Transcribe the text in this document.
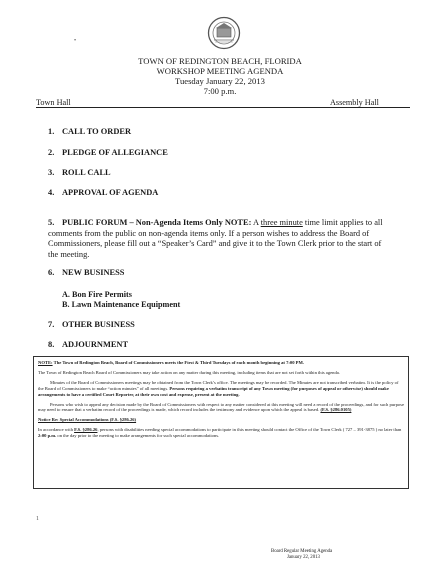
•
TOWN OF REDINGTON BEACH, FLORIDA
WORKSHOP MEETING AGENDA
Tuesday January 22, 2013
7:00 p.m.
Town Hall	Assembly Hall
1. CALL TO ORDER
2. PLEDGE OF ALLEGIANCE
3. ROLL CALL
4. APPROVAL OF AGENDA
5. PUBLIC FORUM – Non-Agenda Items Only NOTE: A three minute time limit applies to all comments from the public on non-agenda items only. If a person wishes to address the Board of Commissioners, please fill out a “Speaker’s Card” and give it to the Town Clerk prior to the start of the meeting.
6. NEW BUSINESS
A. Bon Fire Permits
B. Lawn Maintenance Equipment
7. OTHER BUSINESS
8. ADJOURNMENT

NOTE: The Town of Redington Beach, Board of Commissioners meets the First & Third Tuesdays of each month beginning at 7:00 PM.

The Town of Redington Beach Board of Commissioners may take action on any matter during this meeting, including items that are not set forth within this agenda.

Minutes of the Board of Commissioners meetings may be obtained from the Town Clerk’s office. The meetings may be recorded. The Minutes are not transcribed verbatim. It is the policy of the Board of Commissioners to make “action minutes” of all meetings. Persons requiring a verbatim transcript of any Town meeting (for purposes of appeal or otherwise) should make arrangements to have a certified Court Reporter, at their own cost and expense, present at the meeting.

Persons who wish to appeal any decision made by the Board of Commissioners with respect to any matter considered at this meeting will need a record of the proceedings, and for such purpose may need to ensure that a verbatim record of the proceedings is made, which record includes the testimony and evidence upon which the appeal is based. (F.S. §286.0105)

Notice Re: Special Accommodations (F.S. §286.26)

In accordance with F.S. §286.26, persons with disabilities needing special accommodations to participate in this meeting should contact the Office of the Town Clerk ( 727 – 391-3875 ) no later than 2:00 p.m. on the day prior to the meeting to make arrangements for such special accommodations.

1
Board Regular Meeting Agenda
January 22, 2013
